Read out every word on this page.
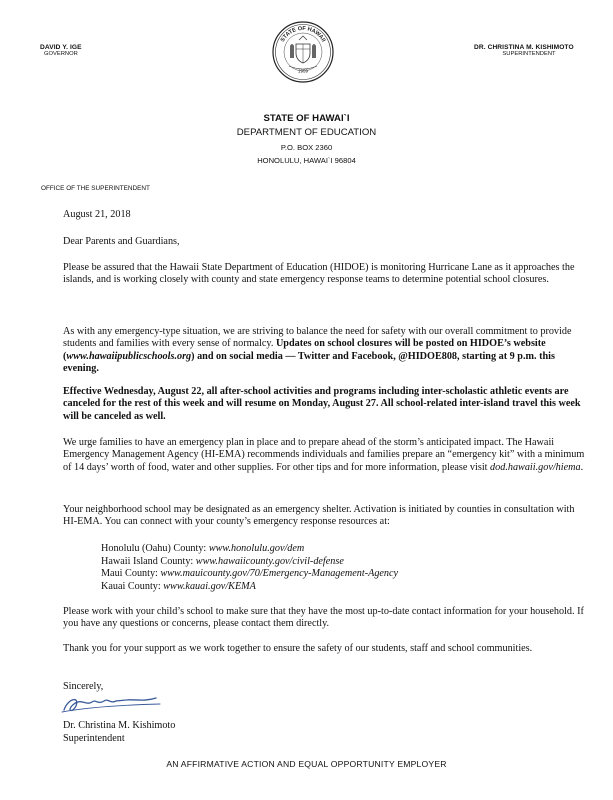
DAVID Y. IGE
GOVERNOR
DR. CHRISTINA M. KISHIMOTO
SUPERINTENDENT
STATE OF HAWAII
1959
STATE OF HAWAI`I
DEPARTMENT OF EDUCATION
P.O. BOX 2360
HONOLULU, HAWAI`I 96804
OFFICE OF THE SUPERINTENDENT
August 21, 2018
Dear Parents and Guardians,

Please be assured that the Hawaii State Department of Education (HIDOE) is monitoring Hurricane Lane as it approaches the islands, and is working closely with county and state emergency response teams to determine potential school closures.

As with any emergency-type situation, we are striving to balance the need for safety with our overall commitment to provide students and families with every sense of normalcy. Updates on school closures will be posted on HIDOE’s website (www.hawaiipublicschools.org) and on social media — Twitter and Facebook, @HIDOE808, starting at 9 p.m. this evening.

Effective Wednesday, August 22, all after-school activities and programs including inter-scholastic athletic events are canceled for the rest of this week and will resume on Monday, August 27. All school-related inter-island travel this week will be canceled as well.

We urge families to have an emergency plan in place and to prepare ahead of the storm’s anticipated impact. The Hawaii Emergency Management Agency (HI-EMA) recommends individuals and families prepare an “emergency kit” with a minimum of 14 days’ worth of food, water and other supplies. For other tips and for more information, please visit dod.hawaii.gov/hiema.

Your neighborhood school may be designated as an emergency shelter. Activation is initiated by counties in consultation with HI-EMA. You can connect with your county’s emergency response resources at:

Honolulu (Oahu) County: www.honolulu.gov/dem
Hawaii Island County: www.hawaiicounty.gov/civil-defense
Maui County: www.mauicounty.gov/70/Emergency-Management-Agency
Kauai County: www.kauai.gov/KEMA

Please work with your child’s school to make sure that they have the most up-to-date contact information for your household. If you have any questions or concerns, please contact them directly.

Thank you for your support as we work together to ensure the safety of our students, staff and school communities.

Sincerely,
Dr. Christina M. Kishimoto
Superintendent
AN AFFIRMATIVE ACTION AND EQUAL OPPORTUNITY EMPLOYER
